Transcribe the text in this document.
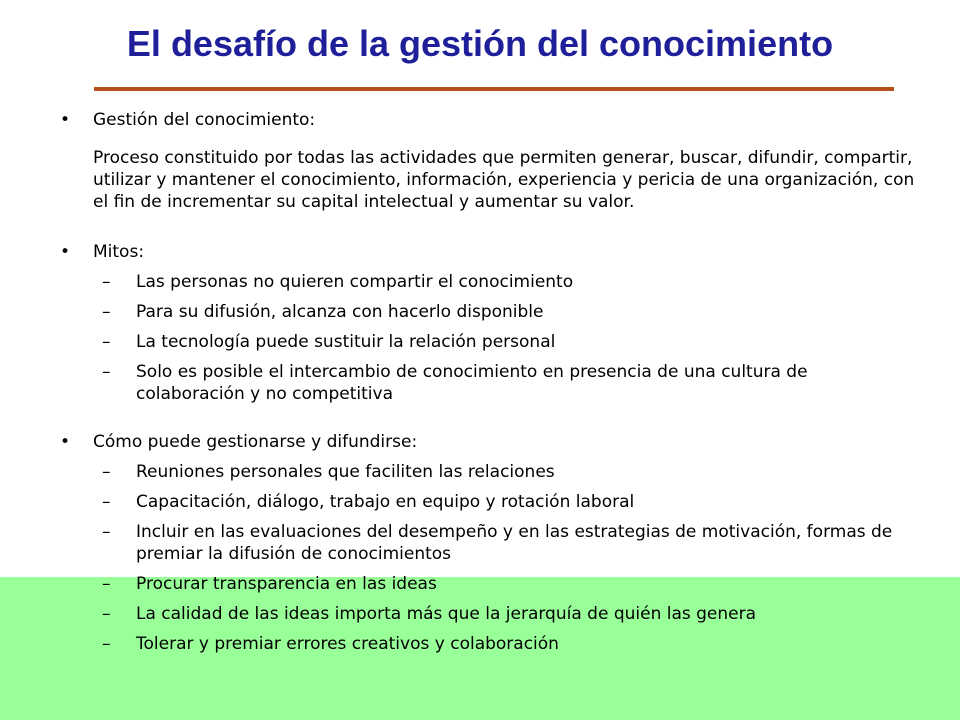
El desafío de la gestión del conocimiento
• Gestión del conocimiento:
Proceso constituido por todas las actividades que permiten generar, buscar, difundir, compartir, utilizar y mantener el conocimiento, información, experiencia y pericia de una organización, con el fin de incrementar su capital intelectual y aumentar su valor.
• Mitos:
– Las personas no quieren compartir el conocimiento
– Para su difusión, alcanza con hacerlo disponible
– La tecnología puede sustituir la relación personal
– Solo es posible el intercambio de conocimiento en presencia de una cultura de colaboración y no competitiva
• Cómo puede gestionarse y difundirse:
– Reuniones personales que faciliten las relaciones
– Capacitación, diálogo, trabajo en equipo y rotación laboral
– Incluir en las evaluaciones del desempeño y en las estrategias de motivación, formas de premiar la difusión de conocimientos
– Procurar transparencia en las ideas
– La calidad de las ideas importa más que la jerarquía de quién las genera
– Tolerar y premiar errores creativos y colaboración
